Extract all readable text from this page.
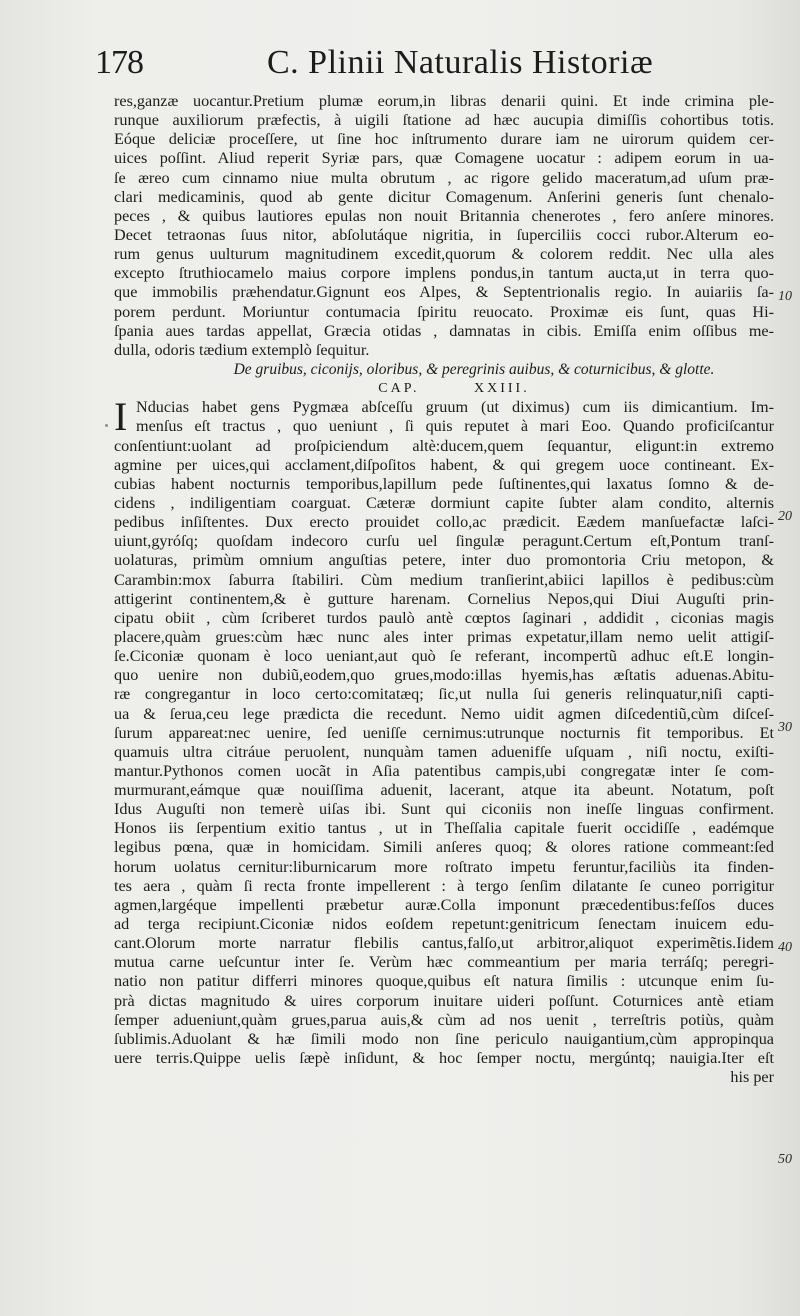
178	C. Plinii Naturalis Historiæ
res,ganzæ uocantur.Pretium plumæ eorum,in libras denarii quini. Et inde crimina ple-
runque auxiliorum præfectis, à uigili ſtatione ad hæc aucupia dimiſſis cohortibus totis.
Eóque deliciæ proceſſere, ut ſine hoc inſtrumento durare iam ne uirorum quidem cer-
uices poſſint. Aliud reperit Syriæ pars, quæ Comagene uocatur : adipem eorum in ua-
ſe æreo cum cinnamo niue multa obrutum , ac rigore gelido maceratum,ad uſum præ-
clari medicaminis, quod ab gente dicitur Comagenum. Anſerini generis ſunt chenalo-
peces , & quibus lautiores epulas non nouit Britannia chenerotes , fero anſere minores.
Decet tetraonas ſuus nitor, abſolutáque nigritia, in ſuperciliis cocci rubor.Alterum eo-
rum genus uulturum magnitudinem excedit,quorum & colorem reddit. Nec ulla ales
excepto ſtruthiocamelo maius corpore implens pondus,in tantum aucta,ut in terra quo-
que immobilis præhendatur.Gignunt eos Alpes, & Septentrionalis regio. In auiariis ſa-
porem perdunt. Moriuntur contumacia ſpiritu reuocato. Proximæ eis ſunt, quas Hi-
ſpania aues tardas appellat, Græcia otidas , damnatas in cibis. Emiſſa enim oſſibus me-
dulla, odoris tædium extemplò ſequitur.
De gruibus, ciconijs, oloribus, & peregrinis auibus, & coturnicibus, & glotte.
CAP.	XXIII.
I Nducias habet gens Pygmæa abſceſſu gruum (ut diximus) cum iis dimicantium. Im-
menſus eſt tractus , quo ueniunt , ſi quis reputet à mari Eoo. Quando proficiſcantur
conſentiunt:uolant ad proſpiciendum altè:ducem,quem ſequantur, eligunt:in extremo
agmine per uices,qui acclament,diſpoſitos habent, & qui gregem uoce contineant. Ex-
cubias habent nocturnis temporibus,lapillum pede ſuſtinentes,qui laxatus ſomno & de-
cidens , indiligentiam coarguat. Cæteræ dormiunt capite ſubter alam condito, alternis
pedibus inſiſtentes. Dux erecto prouidet collo,ac prædicit. Eædem manſuefactæ laſci-
uiunt,gyróſq; quoſdam indecoro curſu uel ſingulæ peragunt.Certum eſt,Pontum tranſ-
uolaturas, primùm omnium anguſtias petere, inter duo promontoria Criu metopon, &
Carambin:mox ſaburra ſtabiliri. Cùm medium tranſierint,abiici lapillos è pedibus:cùm
attigerint continentem,& è gutture harenam. Cornelius Nepos,qui Diui Auguſti prin-
cipatu obiit , cùm ſcriberet turdos paulò antè cœptos ſaginari , addidit , ciconias magis
placere,quàm grues:cùm hæc nunc ales inter primas expetatur,illam nemo uelit attigiſ-
ſe.Ciconiæ quonam è loco ueniant,aut quò ſe referant, incompertũ adhuc eſt.E longin-
quo uenire non dubiũ,eodem,quo grues,modo:illas hyemis,has æſtatis aduenas.Abitu-
ræ congregantur in loco certo:comitatæq; ſic,ut nulla ſui generis relinquatur,niſi capti-
ua & ſerua,ceu lege prædicta die recedunt. Nemo uidit agmen diſcedentiũ,cùm diſceſ-
ſurum appareat:nec uenire, ſed ueniſſe cernimus:utrunque nocturnis fit temporibus. Et
quamuis ultra citráue peruolent, nunquàm tamen aduenifſe uſquam , niſi noctu, exiſti-
mantur.Pythonos comen uocãt in Aſia patentibus campis,ubi congregatæ inter ſe com-
murmurant,eámque quæ nouiſſima aduenit, lacerant, atque ita abeunt. Notatum, poſt
Idus Auguſti non temerè uiſas ibi. Sunt qui ciconiis non ineſſe linguas confirment.
Honos iis ſerpentium exitio tantus , ut in Theſſalia capitale fuerit occidiſſe , eadémque
legibus pœna, quæ in homicidam. Simili anſeres quoq; & olores ratione commeant:ſed
horum uolatus cernitur:liburnicarum more roſtrato impetu feruntur,faciliùs ita finden-
tes aera , quàm ſi recta fronte impellerent : à tergo ſenſim dilatante ſe cuneo porrigitur
agmen,largéque impellenti præbetur auræ.Colla imponunt præcedentibus:feſſos duces
ad terga recipiunt.Ciconiæ nidos eoſdem repetunt:genitricum ſenectam inuicem edu-
cant.Olorum morte narratur flebilis cantus,falſo,ut arbitror,aliquot experimẽtis.Iidem
mutua carne ueſcuntur inter ſe. Verùm hæc commeantium per maria terráſq; peregri-
natio non patitur differri minores quoque,quibus eſt natura ſimilis : utcunque enim ſu-
prà dictas magnitudo & uires corporum inuitare uideri poſſunt. Coturnices antè etiam
ſemper adueniunt,quàm grues,parua auis,& cùm ad nos uenit , terreſtris potiùs, quàm
ſublimis.Aduolant & hæ ſimili modo non ſine periculo nauigantium,cùm appropinqua
uere terris.Quippe uelis ſæpè inſidunt, & hoc ſemper noctu, mergúntq; nauigia.Iter eſt
his per
10
20
30
40
50
